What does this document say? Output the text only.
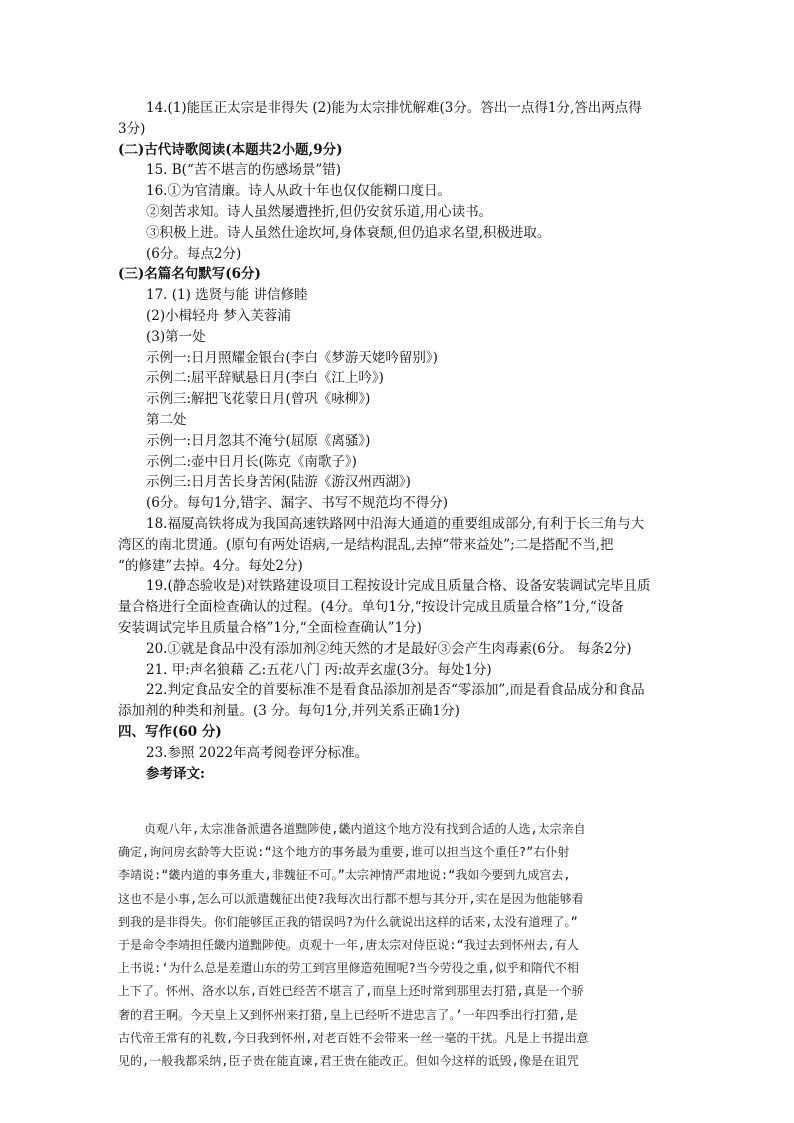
14.(1)能匡正太宗是非得失 (2)能为太宗排忧解难(3分。答出一点得1分,答出两点得
3分)
(二)古代诗歌阅读(本题共2小题,9分)
15. B(“苦不堪言的伤感场景”错)
16.①为官清廉。诗人从政十年也仅仅能糊口度日。
②刻苦求知。诗人虽然屡遭挫折,但仍安贫乐道,用心读书。
③积极上进。诗人虽然仕途坎坷,身体衰颓,但仍追求名望,积极进取。
(6分。每点2分)
(三)名篇名句默写(6分)
17. (1) 选贤与能 讲信修睦
(2)小楫轻舟 梦入芙蓉浦
(3)第一处
示例一:日月照耀金银台(李白《梦游天姥吟留别》)
示例二:屈平辞赋悬日月(李白《江上吟》)
示例三:解把飞花蒙日月(曾巩《咏柳》)
第二处
示例一:日月忽其不淹兮(屈原《离骚》)
示例二:壶中日月长(陈克《南歌子》)
示例三:日月苦长身苦闲(陆游《游汉州西湖》)
(6分。每句1分,错字、漏字、书写不规范均不得分)
18.福厦高铁将成为我国高速铁路网中沿海大通道的重要组成部分,有利于长三角与大
湾区的南北贯通。(原句有两处语病,一是结构混乱,去掉“带来益处”;二是搭配不当,把
“的修建”去掉。4分。每处2分)
19.(静态验收是)对铁路建设项目工程按设计完成且质量合格、设备安装调试完毕且质
量合格进行全面检查确认的过程。(4分。单句1分,“按设计完成且质量合格”1分,“设备
安装调试完毕且质量合格”1分,“全面检查确认”1分)
20.①就是食品中没有添加剂②纯天然的才是最好③会产生肉毒素(6分。 每条2分)
21. 甲:声名狼藉 乙:五花八门 丙:故弄玄虚(3分。每处1分)
22.判定食品安全的首要标准不是看食品添加剂是否“零添加”,而是看食品成分和食品
添加剂的种类和剂量。(3 分。每句1分,并列关系正确1分)
四、写作(60 分)
23.参照 2022年高考阅卷评分标准。
参考译文:
贞观八年,太宗准备派遣各道黜陟使,畿内道这个地方没有找到合适的人选,太宗亲自
确定,询问房玄龄等大臣说:“这个地方的事务最为重要,谁可以担当这个重任?”右仆射
李靖说:“畿内道的事务重大,非魏征不可。”太宗神情严肃地说:“我如今要到九成宫去,
这也不是小事,怎么可以派遣魏征出使?我每次出行都不想与其分开,实在是因为他能够看
到我的是非得失。你们能够匡正我的错误吗?为什么就说出这样的话来,太没有道理了。”
于是命令李靖担任畿内道黜陟使。贞观十一年,唐太宗对侍臣说:“我过去到怀州去,有人
上书说:‘为什么总是差遣山东的劳工到宫里修造苑囿呢?当今劳役之重,似乎和隋代不相
上下了。怀州、洛水以东,百姓已经苦不堪言了,而皇上还时常到那里去打猎,真是一个骄
奢的君王啊。今天皇上又到怀州来打猎,皇上已经听不进忠言了。’一年四季出行打猎,是
古代帝王常有的礼数,今日我到怀州,对老百姓不会带来一丝一毫的干扰。凡是上书提出意
见的,一般我都采纳,臣子贵在能直谏,君王贵在能改正。但如今这样的诋毁,像是在诅咒
